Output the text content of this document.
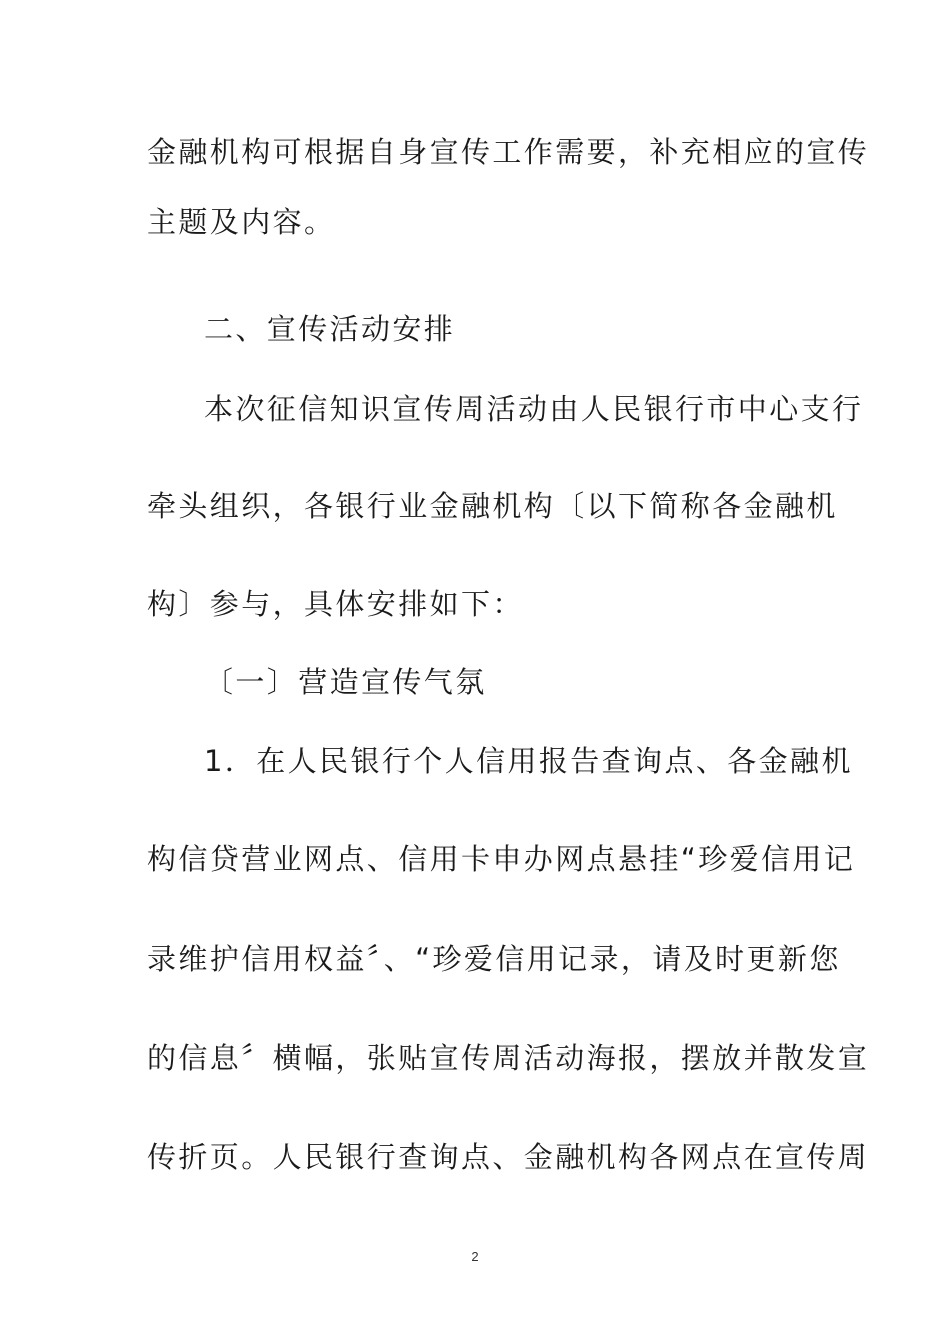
金融机构可根据自身宣传工作需要，补充相应的宣传
主题及内容。
二、宣传活动安排
本次征信知识宣传周活动由人民银行市中心支行
牵头组织，各银行业金融机构〔以下简称各金融机
构〕参与，具体安排如下：
〔一〕营造宣传气氛
1．在人民银行个人信用报告查询点、各金融机
构信贷营业网点、信用卡申办网点悬挂“珍爱信用记
录维护信用权益〞、“珍爱信用记录，请及时更新您
的信息〞横幅，张贴宣传周活动海报，摆放并散发宣
传折页。人民银行查询点、金融机构各网点在宣传周
2
